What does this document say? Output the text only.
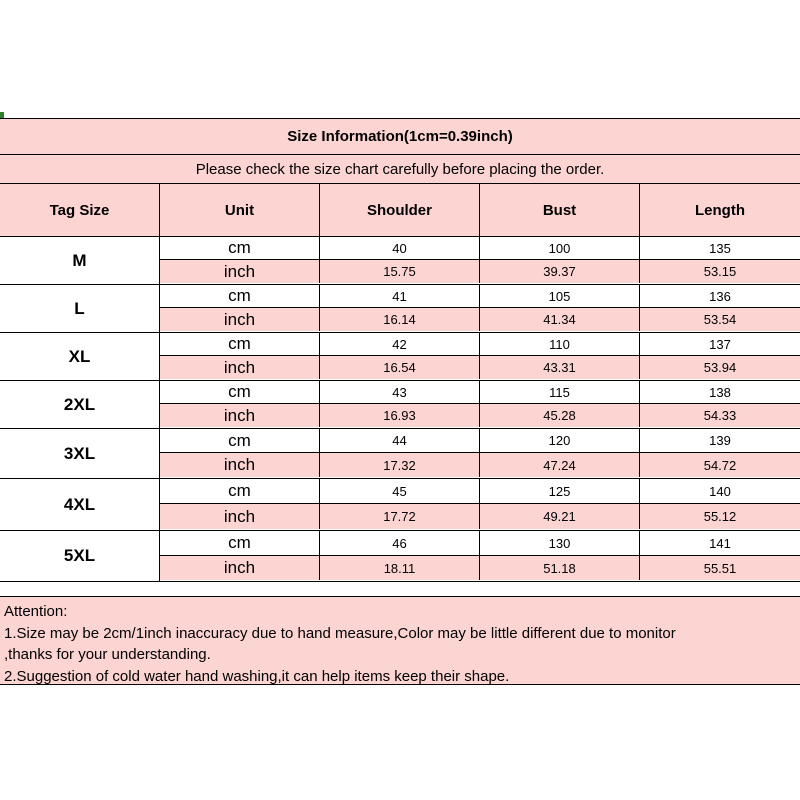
Size Information(1cm=0.39inch)
Please check the size chart carefully before placing the order.
Tag Size	Unit	Shoulder	Bust	Length
M
cm	40	100	135
inch	15.75	39.37	53.15
L
cm	41	105	136
inch	16.14	41.34	53.54
XL
cm	42	110	137
inch	16.54	43.31	53.94
2XL
cm	43	115	138
inch	16.93	45.28	54.33
3XL
cm	44	120	139
inch	17.32	47.24	54.72
4XL
cm	45	125	140
inch	17.72	49.21	55.12
5XL
cm	46	130	141
inch	18.11	51.18	55.51
Attention:
1.Size may be 2cm/1inch inaccuracy due to hand measure,Color may be little different due to monitor
,thanks for your understanding.
2.Suggestion of cold water hand washing,it can help items keep their shape.
